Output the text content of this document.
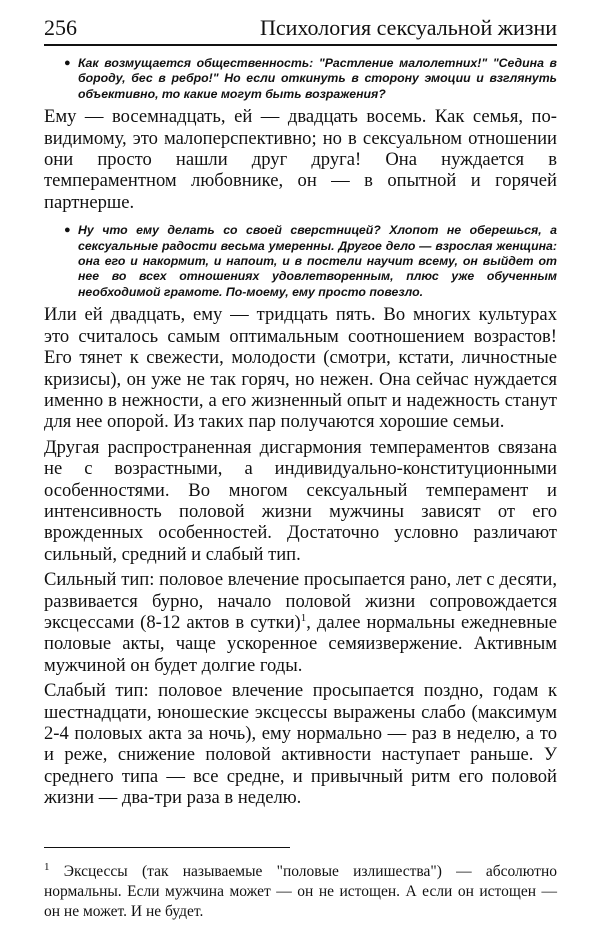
256	Психология сексуальной жизни
● Как возмущается общественность: "Растление малолетних!" "Седина в бороду, бес в ребро!" Но если откинуть в сторону эмоции и взглянуть объективно, то какие могут быть возражения?

Ему — восемнадцать, ей — двадцать восемь. Как семья, по-видимому, это малоперспективно; но в сексуальном отношении они просто нашли друг друга! Она нуждается в темпераментном любовнике, он — в опытной и горячей партнерше.

● Ну что ему делать со своей сверстницей? Хлопот не оберешься, а сексуальные радости весьма умеренны. Другое дело — взрослая женщина: она его и накормит, и напоит, и в постели научит всему, он выйдет от нее во всех отношениях удовлетворенным, плюс уже обученным необходимой грамоте. По-моему, ему просто повезло.

Или ей двадцать, ему — тридцать пять. Во многих культурах это считалось самым оптимальным соотношением возрастов! Его тянет к свежести, молодости (смотри, кстати, личностные кризисы), он уже не так горяч, но нежен. Она сейчас нуждается именно в нежности, а его жизненный опыт и надежность станут для нее опорой. Из таких пар получаются хорошие семьи.

Другая распространенная дисгармония темпераментов связана не с возрастными, а индивидуально-конституционными особенностями. Во многом сексуальный темперамент и интенсивность половой жизни мужчины зависят от его врожденных особенностей. Достаточно условно различают сильный, средний и слабый тип.

Сильный тип: половое влечение просыпается рано, лет с десяти, развивается бурно, начало половой жизни сопровождается эксцессами (8-12 актов в сутки)$^1$, далее нормальны ежедневные половые акты, чаще ускоренное семяизвержение. Активным мужчиной он будет долгие годы.

Слабый тип: половое влечение просыпается поздно, годам к шестнадцати, юношеские эксцессы выражены слабо (максимум 2-4 половых акта за ночь), ему нормально — раз в неделю, а то и реже, снижение половой активности наступает раньше. У среднего типа — все средне, и привычный ритм его половой жизни — два-три раза в неделю.

$^1$ Эксцессы (так называемые "половые излишества") — абсолютно нормальны. Если мужчина может — он не истощен. А если он истощен — он не может. И не будет.
